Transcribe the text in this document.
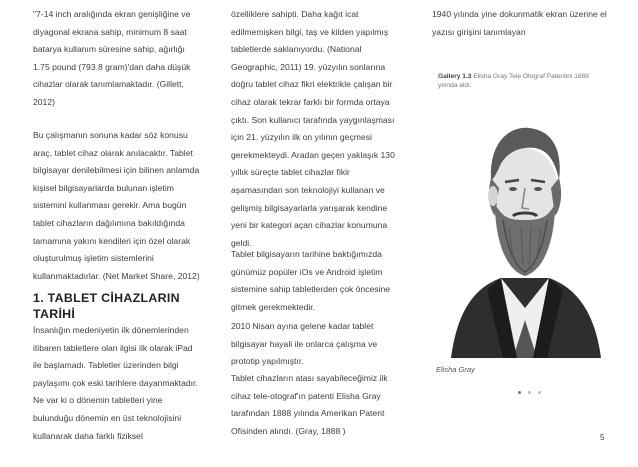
"7-14 inch aralığında ekran genişliğine ve diyagonal ekrana sahip, minimum 8 saat batarya kullanım süresine sahip, ağırlığı 1.75 pound (793.8 gram)'dan daha düşük cihazlar olarak tanımlamaktadır. (Gillett, 2012)

Bu çalışmanın sonuna kadar söz konusu araç, tablet cihaz olarak anılacaktır. Tablet bilgisayar denilebilmesi için bilinen anlamda kişisel bilgisayarlarda bulunan işletim sistemini kullanması gerekir. Ama bugün tablet cihazların dağılımına bakıldığında tamamına yakını kendileri için özel olarak oluşturulmuş işletim sistemlerini kullanmaktadırlar. (Net Market Share, 2012)

1. TABLET CİHAZLARIN TARİHİ

İnsanlığın medeniyetin ilk dönemlerinden itibaren tabletlere olan ilgisi ilk olarak iPad ile başlamadı. Tabletler üzerinden bilgi paylaşımı çok eski tarihlere dayanmaktadır. Ne var ki o dönemin tabletleri yine bulunduğu dönemin en üst teknolojisini kullanarak daha farklı fiziksel

özelliklere sahipti. Daha kağıt icat edilmemişken bilgi, taş ve kilden yapılmış tabletlerde saklanıyordu. (National Geographic, 2011) 19. yüzyılın sonlarına doğru tablet cihaz fikri elektrikle çalışan bir cihaz olarak tekrar farklı bir formda ortaya çıktı. Son kullanıcı tarafında yaygınlaşması için 21. yüzyılın ilk on yılının geçmesi gerekmekteydi. Aradan geçen yaklaşık 130 yıllık süreçte tablet cihazlar fikir aşamasından son teknolojiyi kullanan ve gelişmiş bilgisayarlarla yarışarak kendine yeni bir kategori açan cihazlar konumuna geldi.

Tablet bilgisayarın tarihine baktığımızda günümüz popüler iOs ve Android işletim sistemine sahip tabletlerden çok öncesine gitmek gerekmektedir.

2010 Nisan ayına gelene kadar tablet bilgisayar hayali ile onlarca çalışma ve prototip yapılmıştır.

Tablet cihazların atası sayabileceğimiz ilk cihaz tele-otograf'ın patenti Elisha Gray tarafından 1888 yılında Amerikan Patent Ofisinden alındı. (Gray, 1888 )

1940 yılında yine dokunmatik ekran üzerine el yazısı girişini tanımlayan

Gallery 1.3 Elisha Gray Tele Otograf Patentini 1888 yılında aldı.
Elisha Gray
5
